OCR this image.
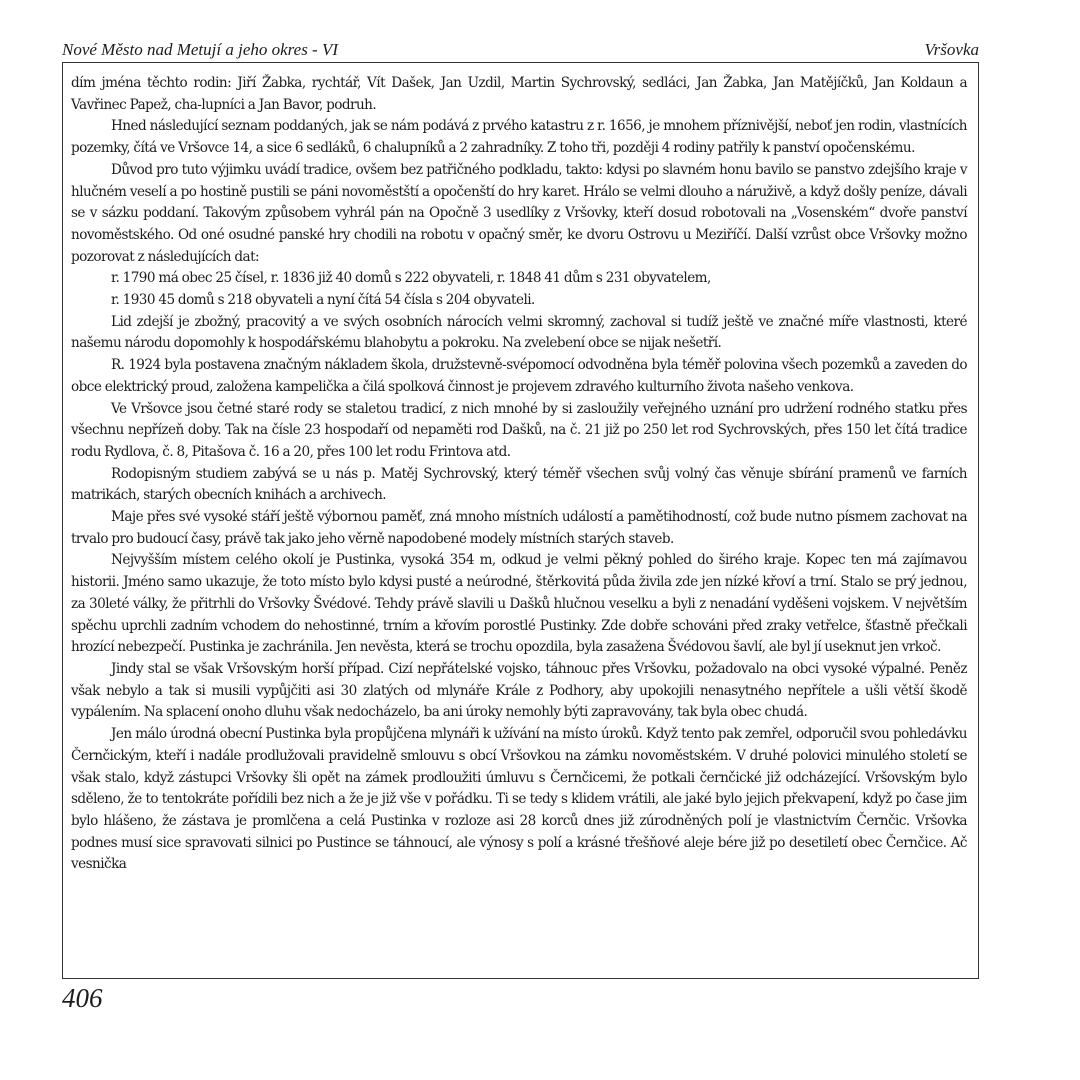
Nové Město nad Metují a jeho okres - VI	Vršovka

dím jména těchto rodin: Jiří Žabka, rychtář, Vít Dašek, Jan Uzdil, Martin Sychrovský, sedláci, Jan Žabka, Jan Matějíčků, Jan Koldaun a Vavřinec Papež, cha-lupníci a Jan Bavor, podruh.

Hned následující seznam poddaných, jak se nám podává z prvého katastru z r. 1656, je mnohem příznivější, neboť jen rodin, vlastnících pozemky, čítá ve Vršovce 14, a sice 6 sedláků, 6 chalupníků a 2 zahradníky. Z toho tři, později 4 rodiny patřily k panství opočenskému.

Důvod pro tuto výjimku uvádí tradice, ovšem bez patřičného podkladu, takto: kdysi po slavném honu bavilo se panstvo zdejšího kraje v hlučném veselí a po hostině pustili se páni novoměstští a opočenští do hry karet. Hrálo se velmi dlouho a náruživě, a když došly peníze, dávali se v sázku poddaní. Takovým způsobem vyhrál pán na Opočně 3 usedlíky z Vršovky, kteří dosud robotovali na „Vosenském“ dvoře panství novoměstského. Od oné osudné panské hry chodili na robotu v opačný směr, ke dvoru Ostrovu u Meziříčí. Další vzrůst obce Vršovky možno pozorovat z následujících dat:

r. 1790 má obec 25 čísel, r. 1836 již 40 domů s 222 obyvateli, r. 1848 41 dům s 231 obyvatelem,

r. 1930 45 domů s 218 obyvateli a nyní čítá 54 čísla s 204 obyvateli.

Lid zdejší je zbožný, pracovitý a ve svých osobních nárocích velmi skromný, zachoval si tudíž ještě ve značné míře vlastnosti, které našemu národu dopomohly k hospodářskému blahobytu a pokroku. Na zvelebení obce se nijak nešetří.

R. 1924 byla postavena značným nákladem škola, družstevně-svépomocí odvodněna byla téměř polovina všech pozemků a zaveden do obce elektrický proud, založena kampelička a čilá spolková činnost je projevem zdravého kulturního života našeho venkova.

Ve Vršovce jsou četné staré rody se staletou tradicí, z nich mnohé by si zasloužily veřejného uznání pro udržení rodného statku přes všechnu nepřízeň doby. Tak na čísle 23 hospodaří od nepaměti rod Dašků, na č. 21 již po 250 let rod Sychrovských, přes 150 let čítá tradice rodu Rydlova, č. 8, Pitašova č. 16 a 20, přes 100 let rodu Frintova atd.

Rodopisným studiem zabývá se u nás p. Matěj Sychrovský, který téměř všechen svůj volný čas věnuje sbírání pramenů ve farních matrikách, starých obecních knihách a archivech.

Maje přes své vysoké stáří ještě výbornou paměť, zná mnoho místních událostí a pamětihodností, což bude nutno písmem zachovat na trvalo pro budoucí časy, právě tak jako jeho věrně napodobené modely místních starých staveb.

Nejvyšším místem celého okolí je Pustinka, vysoká 354 m, odkud je velmi pěkný pohled do širého kraje. Kopec ten má zajímavou historii. Jméno samo ukazuje, že toto místo bylo kdysi pusté a neúrodné, štěrkovitá půda živila zde jen nízké křoví a trní. Stalo se prý jednou, za 30leté války, že přitrhli do Vršovky Švédové. Tehdy právě slavili u Dašků hlučnou veselku a byli z nenadání vyděšeni vojskem. V největším spěchu uprchli zadním vchodem do nehostinné, trním a křovím porostlé Pustinky. Zde dobře schováni před zraky vetřelce, šťastně přečkali hrozící nebezpečí. Pustinka je zachránila. Jen nevěsta, která se trochu opozdila, byla zasažena Švédovou šavlí, ale byl jí useknut jen vrkoč.

Jindy stal se však Vršovským horší případ. Cizí nepřátelské vojsko, táhnouc přes Vršovku, požadovalo na obci vysoké výpalné. Peněz však nebylo a tak si musili vypůjčiti asi 30 zlatých od mlynáře Krále z Podhory, aby upokojili nenasytného nepřítele a ušli větší škodě vypálením. Na splacení onoho dluhu však nedocházelo, ba ani úroky nemohly býti zapravovány, tak byla obec chudá.

Jen málo úrodná obecní Pustinka byla propůjčena mlynáři k užívání na místo úroků. Když tento pak zemřel, odporučil svou pohledávku Černčickým, kteří i nadále prodlužovali pravidelně smlouvu s obcí Vršovkou na zámku novoměstském. V druhé polovici minulého století se však stalo, když zástupci Vršovky šli opět na zámek prodloužiti úmluvu s Černčicemi, že potkali černčické již odcházející. Vršovským bylo sděleno, že to tentokráte pořídili bez nich a že je již vše v pořádku. Ti se tedy s klidem vrátili, ale jaké bylo jejich překvapení, když po čase jim bylo hlášeno, že zástava je promlčena a celá Pustinka v rozloze asi 28 korců dnes již zúrodněných polí je vlastnictvím Černčic. Vršovka podnes musí sice spravovati silnici po Pustince se táhnoucí, ale výnosy s polí a krásné třešňové aleje bére již po desetiletí obec Černčice. Ač vesnička

406
